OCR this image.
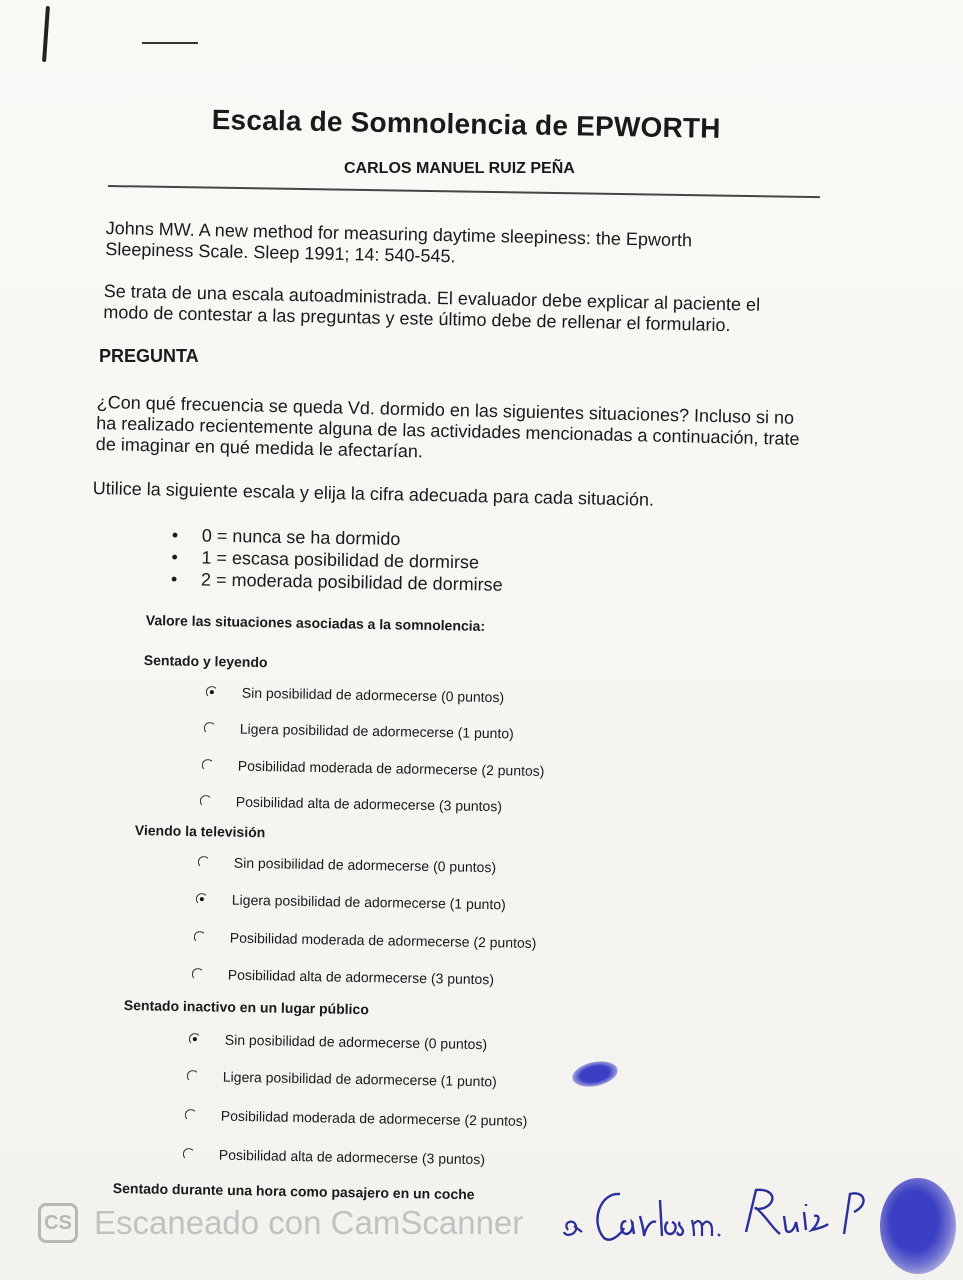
Escala de Somnolencia de EPWORTH
CARLOS MANUEL RUIZ PEÑA
Johns MW. A new method for measuring daytime sleepiness: the Epworth Sleepiness Scale. Sleep 1991; 14: 540-545.
Se trata de una escala autoadministrada. El evaluador debe explicar al paciente el modo de contestar a las preguntas y este último debe de rellenar el formulario.
PREGUNTA
¿Con qué frecuencia se queda Vd. dormido en las siguientes situaciones? Incluso si no ha realizado recientemente alguna de las actividades mencionadas a continuación, trate de imaginar en qué medida le afectarían.
Utilice la siguiente escala y elija la cifra adecuada para cada situación.
• 0 = nunca se ha dormido
• 1 = escasa posibilidad de dormirse
• 2 = moderada posibilidad de dormirse
Valore las situaciones asociadas a la somnolencia:
Sentado y leyendo
Sin posibilidad de adormecerse (0 puntos)
Ligera posibilidad de adormecerse (1 punto)
Posibilidad moderada de adormecerse (2 puntos)
Posibilidad alta de adormecerse (3 puntos)
Viendo la televisión
Sin posibilidad de adormecerse (0 puntos)
Ligera posibilidad de adormecerse (1 punto)
Posibilidad moderada de adormecerse (2 puntos)
Posibilidad alta de adormecerse (3 puntos)
Sentado inactivo en un lugar público
Sin posibilidad de adormecerse (0 puntos)
Ligera posibilidad de adormecerse (1 punto)
Posibilidad moderada de adormecerse (2 puntos)
Posibilidad alta de adormecerse (3 puntos)
Sentado durante una hora como pasajero en un coche
CS Escaneado con CamScanner
